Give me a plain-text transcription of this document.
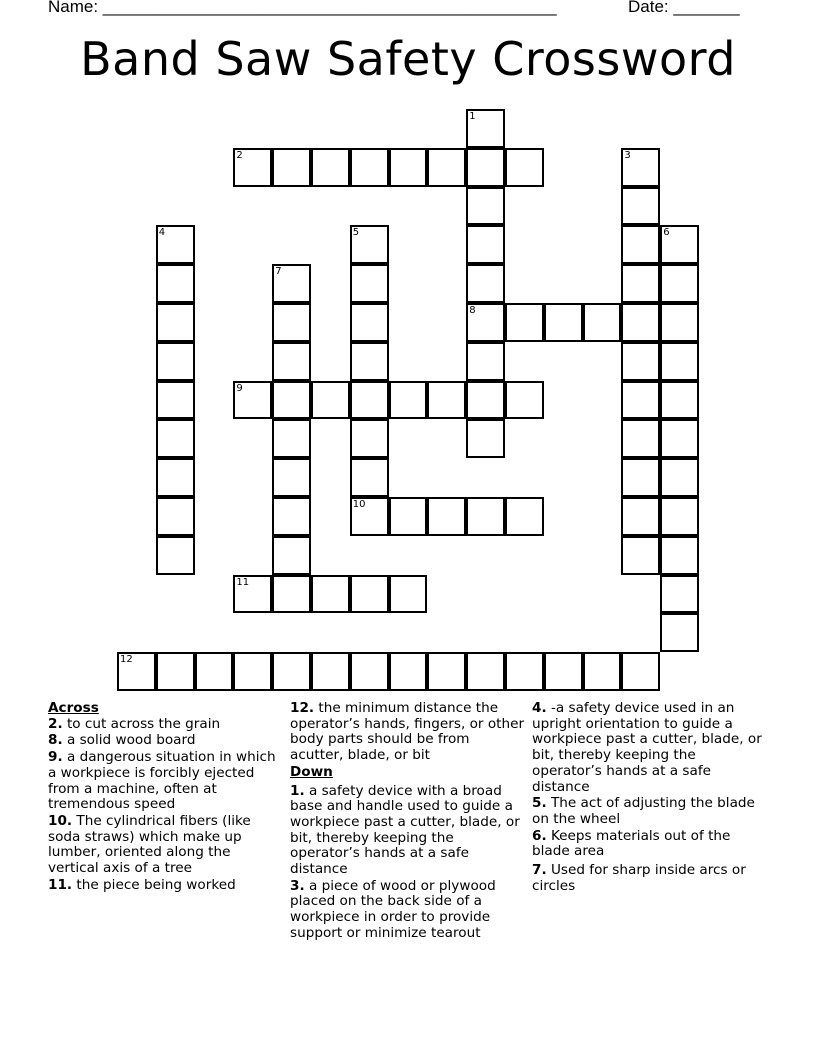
Name: ________________________________________________	Date: _______
Band Saw Safety Crossword
1
8
2	3
4	5
10
6
7
9
11
12
Across
2. to cut across the grain
8. a solid wood board
9. a dangerous situation in which a workpiece is forcibly ejected from a machine, often at tremendous speed
10. The cylindrical fibers (like soda straws) which make up lumber, oriented along the vertical axis of a tree
11. the piece being worked
12. the minimum distance the operator’s hands, fingers, or other body parts should be from acutter, blade, or bit
Down
1. a safety device with a broad base and handle used to guide a workpiece past a cutter, blade, or bit, thereby keeping the operator’s hands at a safe distance
3. a piece of wood or plywood placed on the back side of a workpiece in order to provide support or minimize tearout
4. -a safety device used in an upright orientation to guide a workpiece past a cutter, blade, or bit, thereby keeping the operator’s hands at a safe distance
5. The act of adjusting the blade on the wheel
6. Keeps materials out of the blade area
7. Used for sharp inside arcs or circles
